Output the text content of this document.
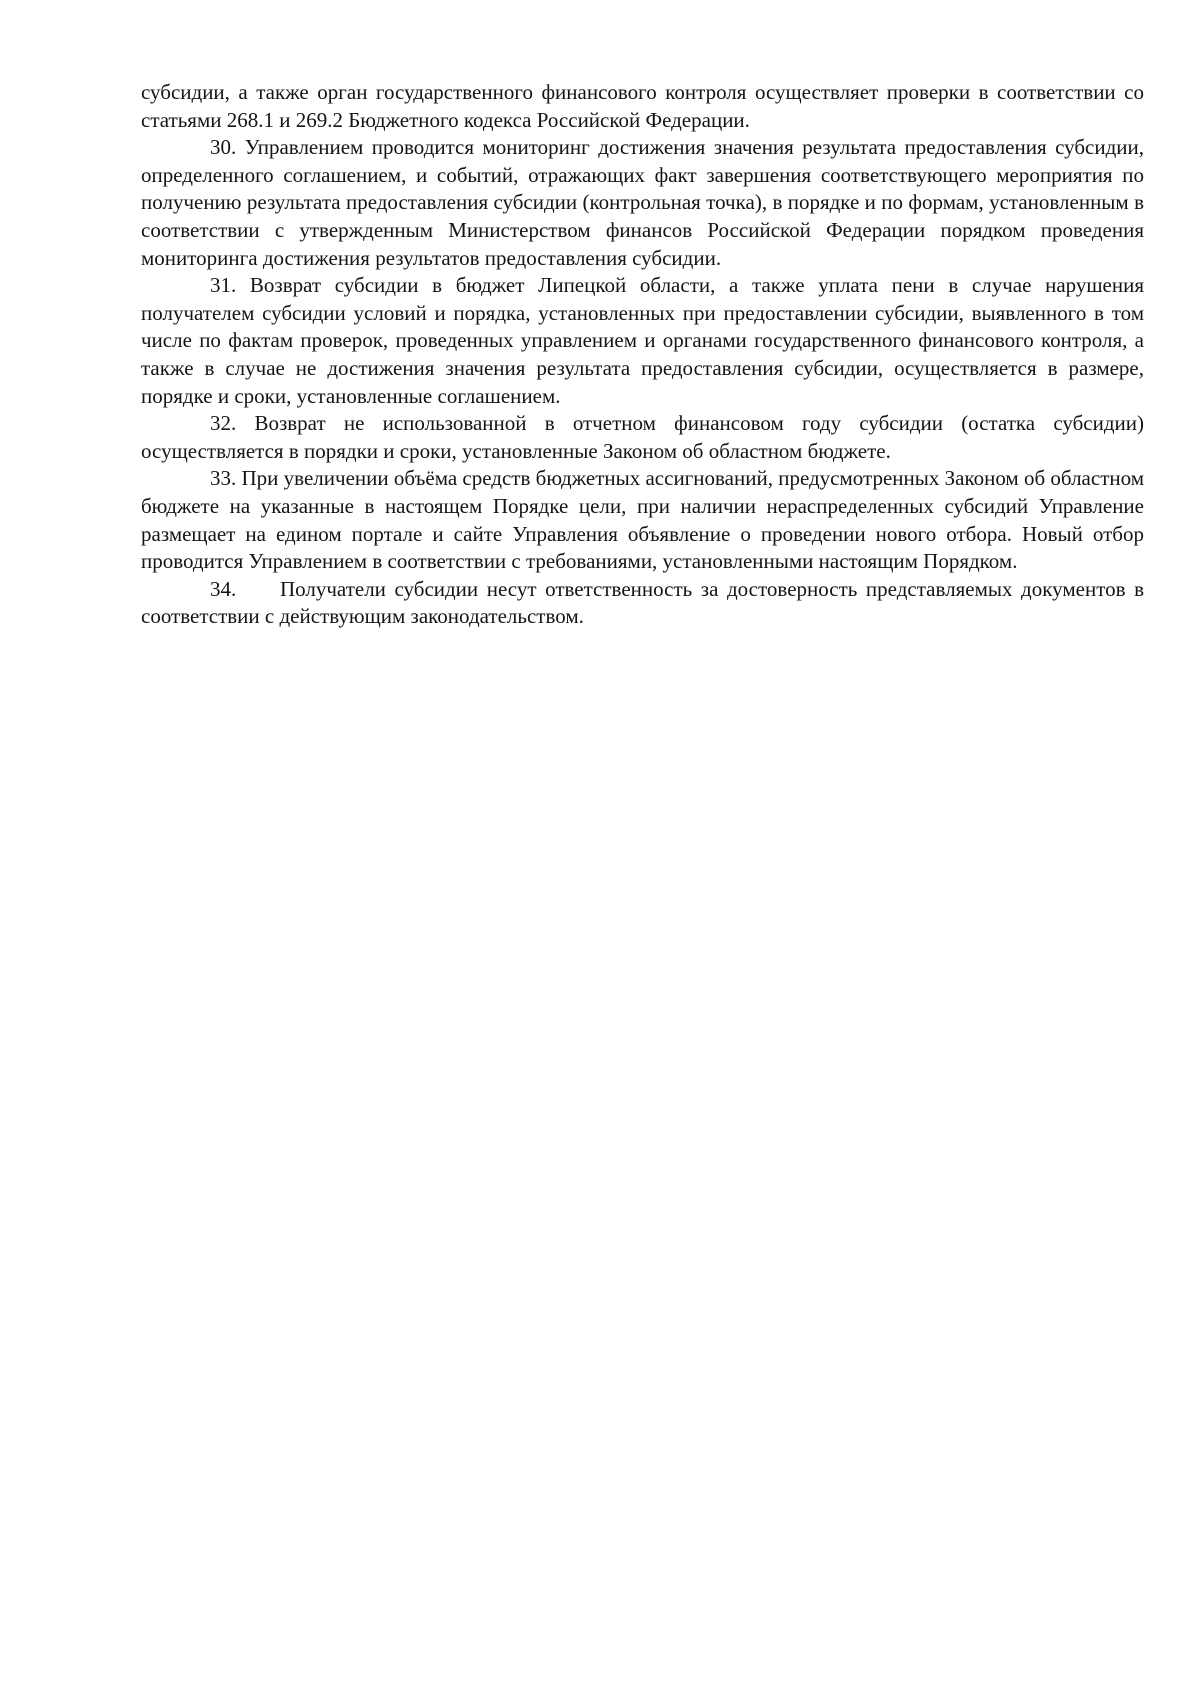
субсидии, а также орган государственного финансового контроля осуществляет проверки в соответствии со статьями 268.1 и 269.2 Бюджетного кодекса Российской Федерации.

30. Управлением проводится мониторинг достижения значения результата предоставления субсидии, определенного соглашением, и событий, отражающих факт завершения соответствующего мероприятия по получению результата предоставления субсидии (контрольная точка), в порядке и по формам, установленным в соответствии с утвержденным Министерством финансов Российской Федерации порядком проведения мониторинга достижения результатов предоставления субсидии.

31. Возврат субсидии в бюджет Липецкой области, а также уплата пени в случае нарушения получателем субсидии условий и порядка, установленных при предоставлении субсидии, выявленного в том числе по фактам проверок, проведенных управлением и органами государственного финансового контроля, а также в случае не достижения значения результата предоставления субсидии, осуществляется в размере, порядке и сроки, установленные соглашением.

32. Возврат не использованной в отчетном финансовом году субсидии (остатка субсидии) осуществляется в порядки и сроки, установленные Законом об областном бюджете.

33. При увеличении объёма средств бюджетных ассигнований, предусмотренных Законом об областном бюджете на указанные в настоящем Порядке цели, при наличии нераспределенных субсидий Управление размещает на едином портале и сайте Управления объявление о проведении нового отбора. Новый отбор проводится Управлением в соответствии с требованиями, установленными настоящим Порядком.

34. Получатели субсидии несут ответственность за достоверность представляемых документов в соответствии с действующим законодательством.
